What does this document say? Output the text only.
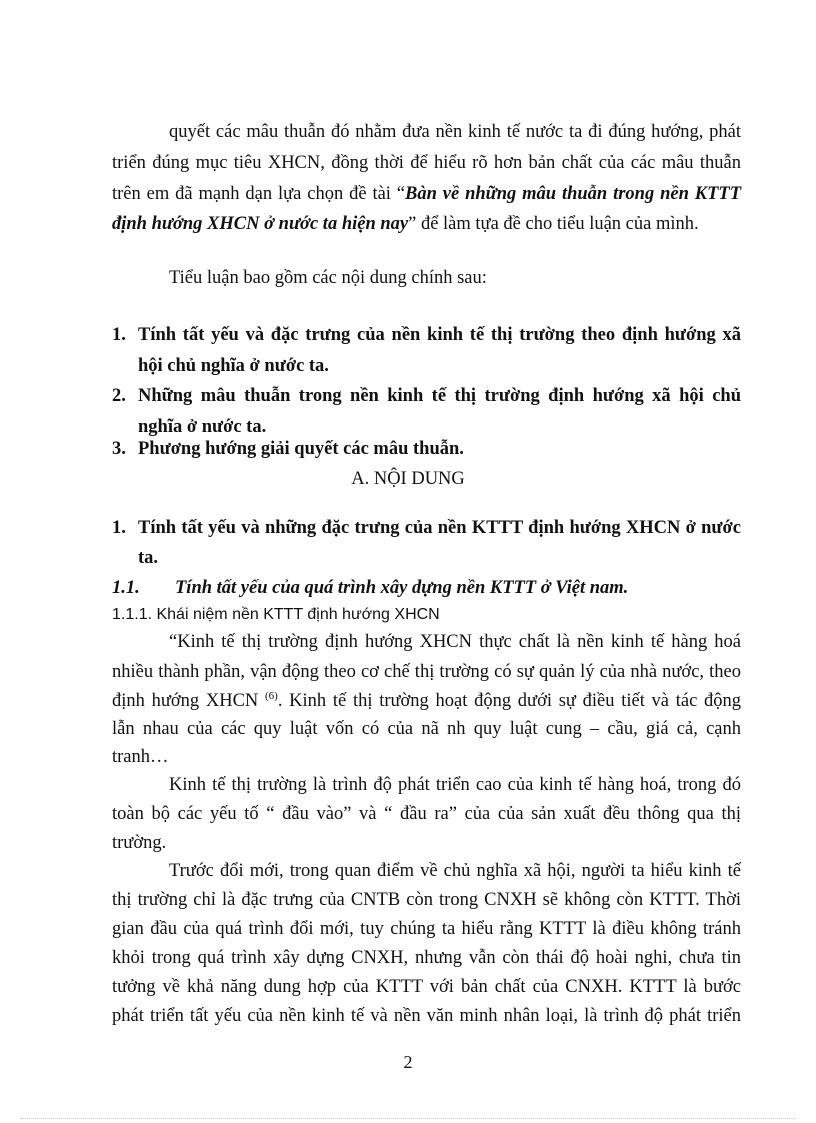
quyết các mâu thuẫn đó nhằm đưa nền kinh tế nước ta đi đúng hướng, phát
triển đúng mục tiêu XHCN, đồng thời để hiểu rõ hơn bản chất của các mâu thuẫn
trên em đã mạnh dạn lựa chọn đề tài “Bàn về những mâu thuẫn trong nền KTTT
định hướng XHCN ở nước ta hiện nay” để làm tựa đề cho tiểu luận của mình.
Tiểu luận bao gồm các nội dung chính sau:
1. Tính tất yếu và đặc trưng của nền kinh tế thị trường theo định hướng xã
hội chủ nghĩa ở nước ta.
2. Những mâu thuẫn trong nền kinh tế thị trường định hướng xã hội chủ
nghĩa ở nước ta.
3. Phương hướng giải quyết các mâu thuẫn.
A. NỘI DUNG
1. Tính tất yếu và những đặc trưng của nền KTTT định hướng XHCN ở nước
ta.
1.1. Tính tất yếu của quá trình xây dựng nền KTTT ở Việt nam.
1.1.1. Khái niệm nền KTTT định hướng XHCN
“Kinh tế thị trường định hướng XHCN thực chất là nền kinh tế hàng hoá
nhiều thành phần, vận động theo cơ chế thị trường có sự quản lý của nhà nước, theo
định hướng XHCN $^{(6)}$. Kinh tế thị trường hoạt động dưới sự điều tiết và tác động
lẫn nhau của các quy luật vốn có của nã nh quy luật cung – cầu, giá cả, cạnh
tranh…
Kinh tế thị trường là trình độ phát triển cao của kinh tế hàng hoá, trong đó
toàn bộ các yếu tố “ đầu vào” và “ đầu ra” của của sản xuất đều thông qua thị
trường.
Trước đổi mới, trong quan điểm về chủ nghĩa xã hội, người ta hiểu kinh tế
thị trường chỉ là đặc trưng của CNTB còn trong CNXH sẽ không còn KTTT. Thời
gian đầu của quá trình đổi mới, tuy chúng ta hiểu rằng KTTT là điều không tránh
khỏi trong quá trình xây dựng CNXH, nhưng vẫn còn thái độ hoài nghi, chưa tin
tưởng về khả năng dung hợp của KTTT với bản chất của CNXH. KTTT là bước
phát triển tất yếu của nền kinh tế và nền văn minh nhân loại, là trình độ phát triển
2
